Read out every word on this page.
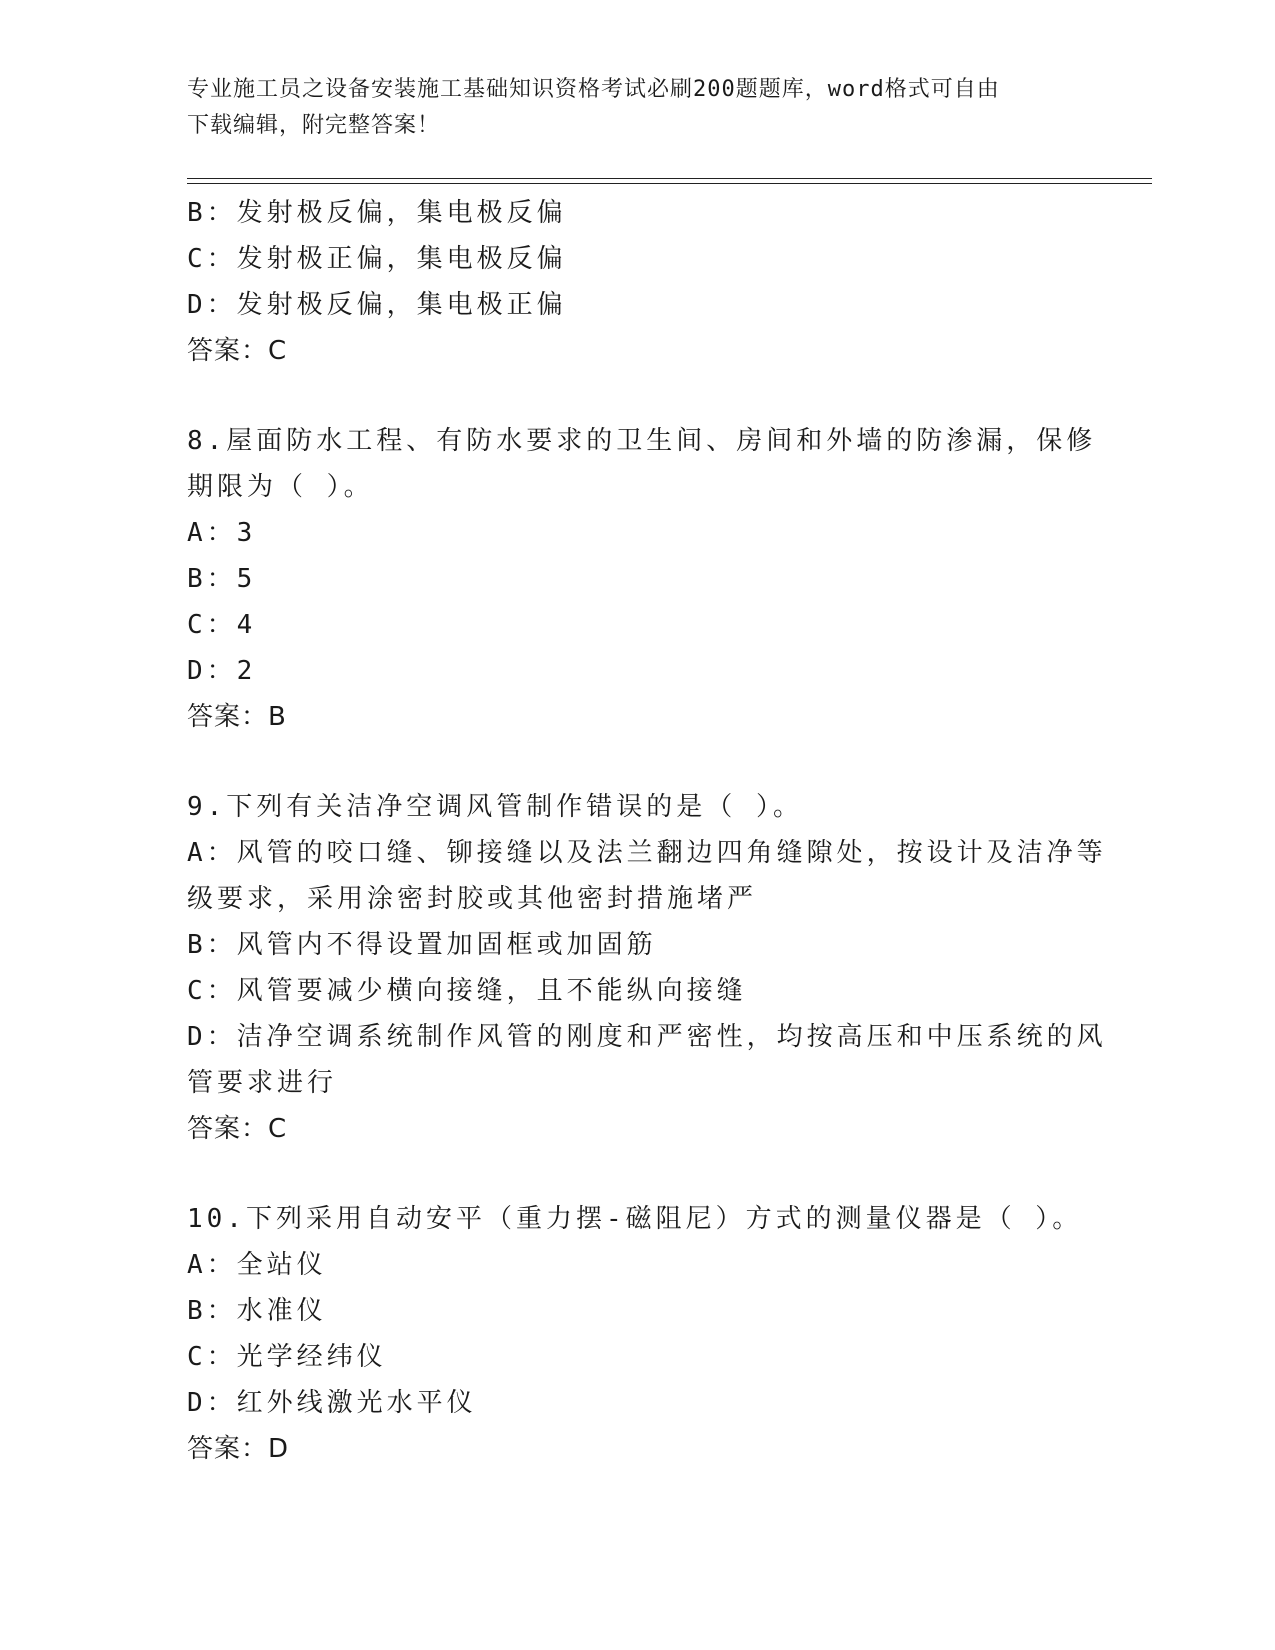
专业施工员之设备安装施工基础知识资格考试必刷200题题库，word格式可自由
下载编辑，附完整答案！
B：发射极反偏，集电极反偏
C：发射极正偏，集电极反偏
D：发射极反偏，集电极正偏
答案：C
8.屋面防水工程、有防水要求的卫生间、房间和外墙的防渗漏，保修
期限为（ ）。
A：3
B：5
C：4
D：2
答案：B
9.下列有关洁净空调风管制作错误的是（ ）。
A：风管的咬口缝、铆接缝以及法兰翻边四角缝隙处，按设计及洁净等
级要求，采用涂密封胶或其他密封措施堵严
B：风管内不得设置加固框或加固筋
C：风管要减少横向接缝，且不能纵向接缝
D：洁净空调系统制作风管的刚度和严密性，均按高压和中压系统的风
管要求进行
答案：C
10.下列采用自动安平（重力摆-磁阻尼）方式的测量仪器是（ ）。
A：全站仪
B：水准仪
C：光学经纬仪
D：红外线激光水平仪
答案：D
